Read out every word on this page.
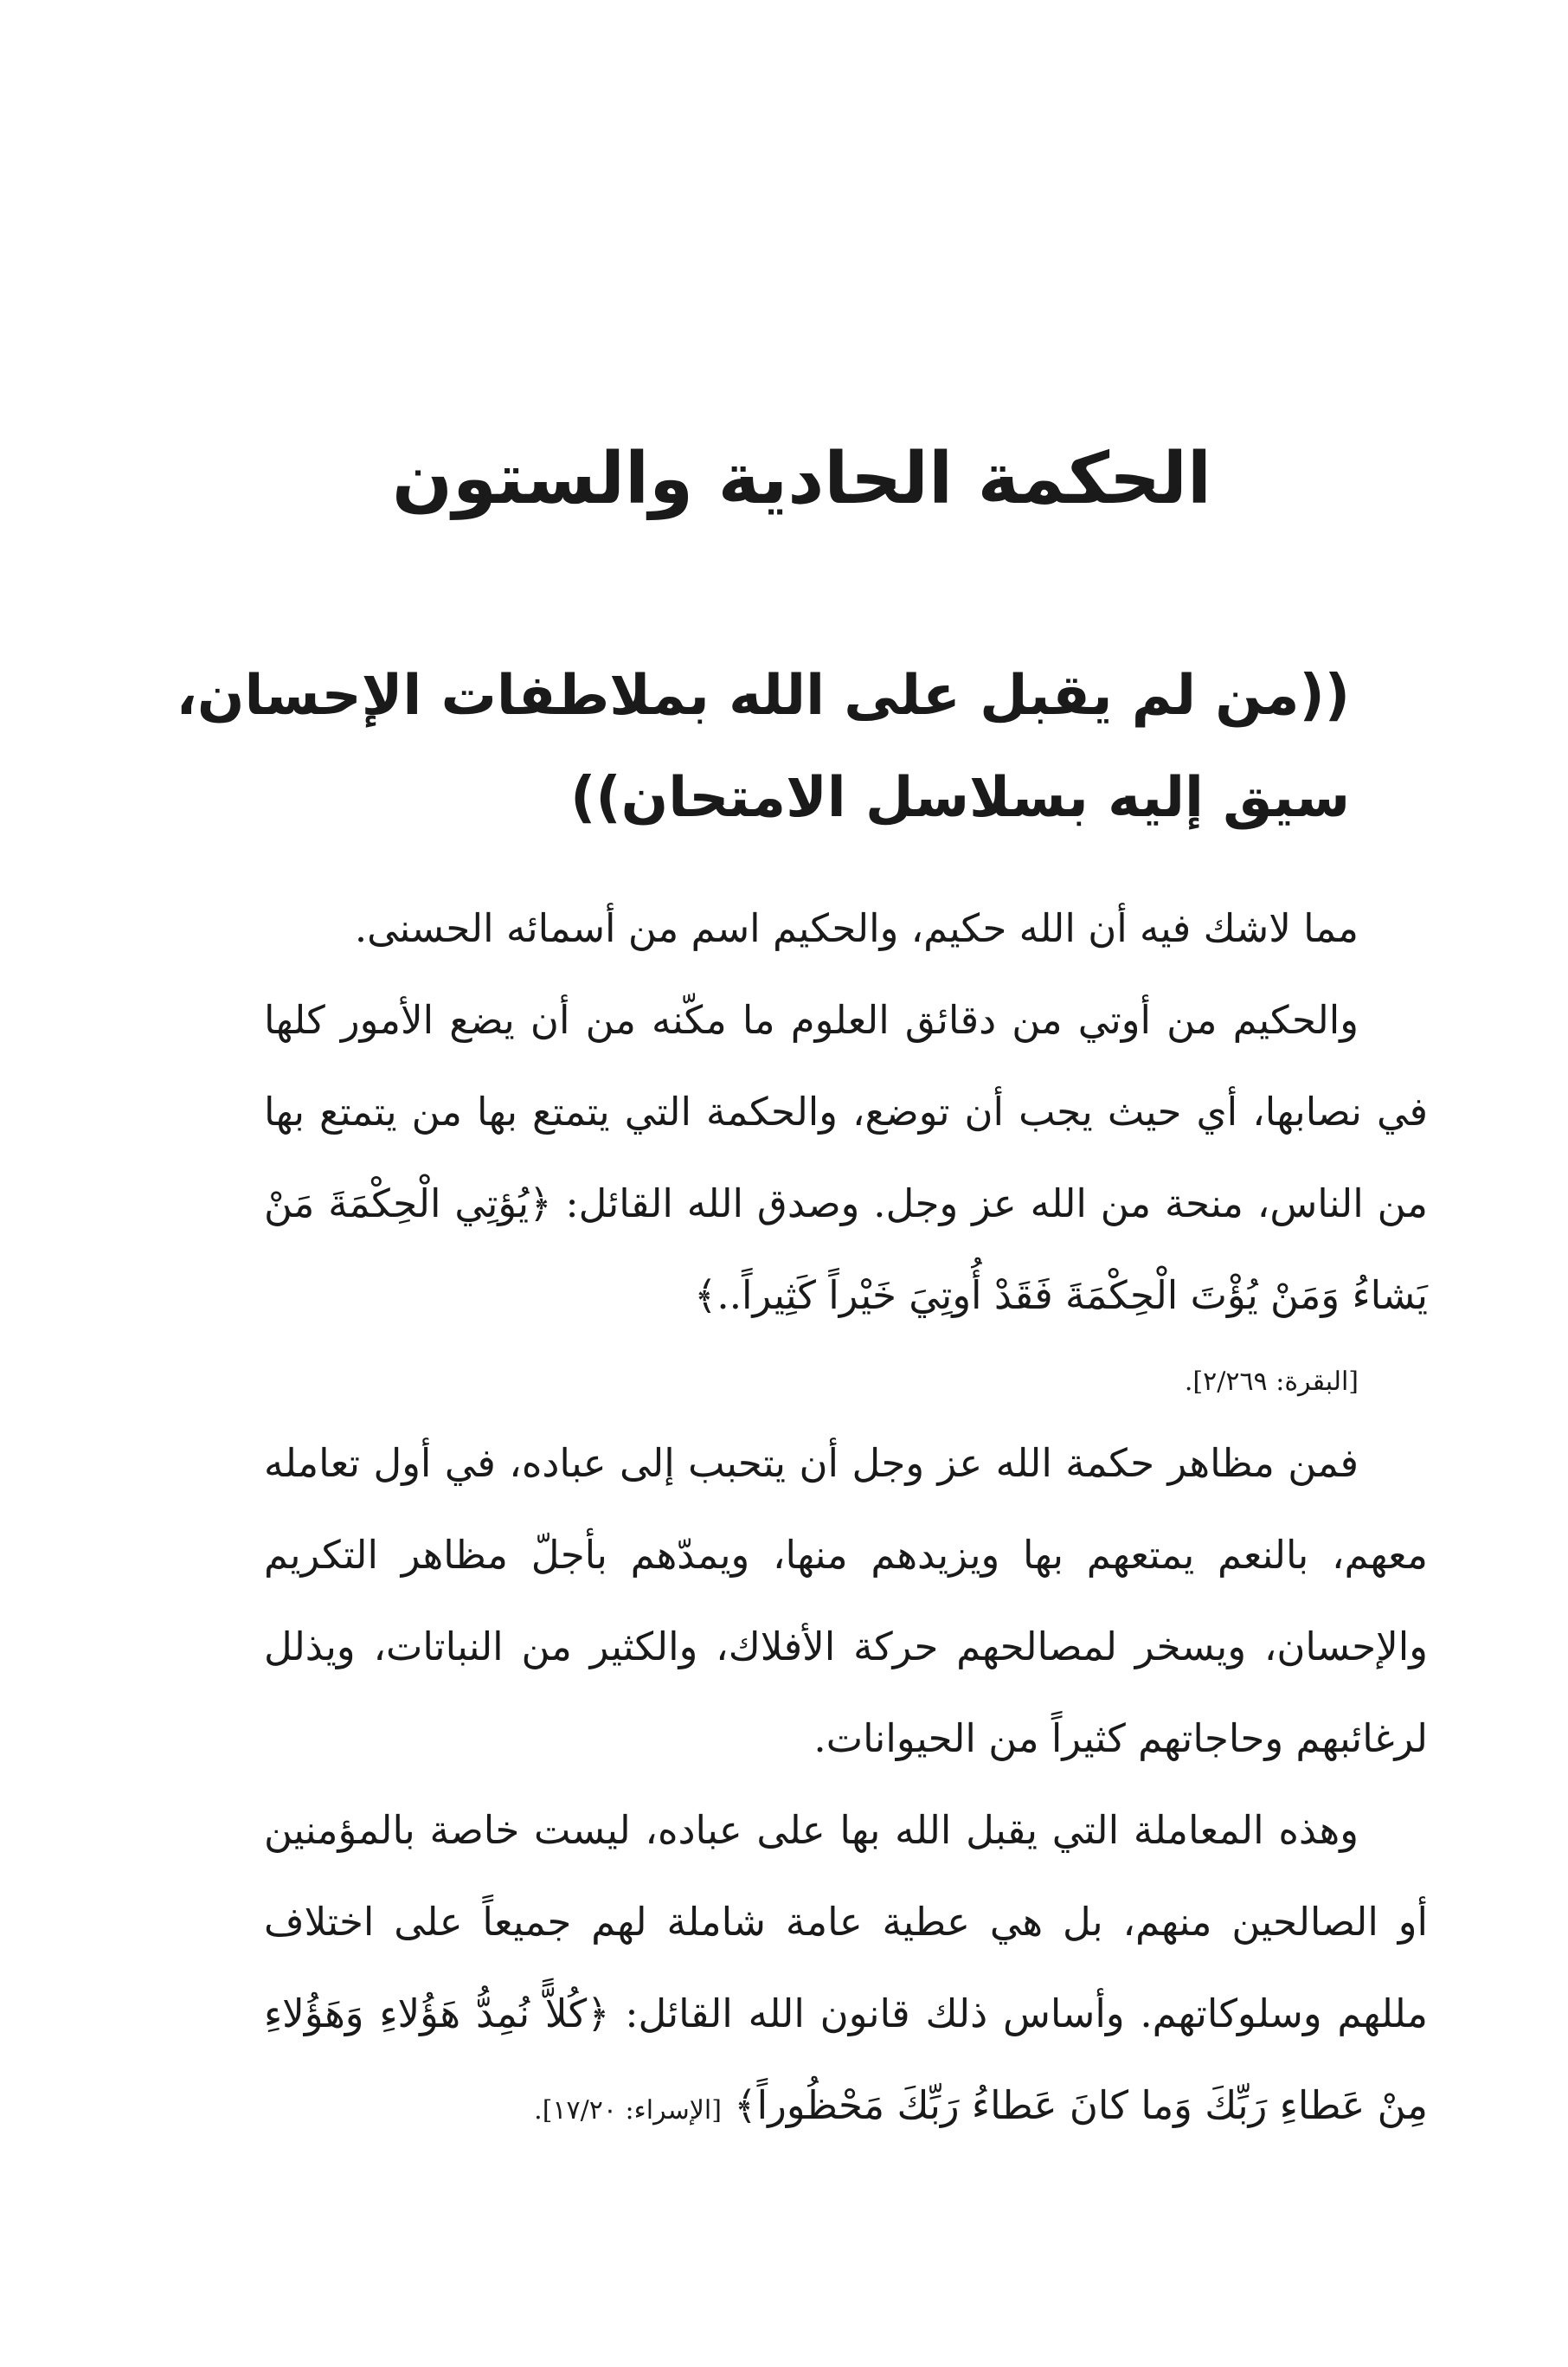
الحكمة الحادية والستون
((من لم يقبل على الله بملاطفات الإحسان،
سيق إليه بسلاسل الامتحان))

مما لاشك فيه أن الله حكيم، والحكيم اسم من أسمائه الحسنى.

والحكيم من أوتي من دقائق العلوم ما مكّنه من أن يضع الأمور كلها في نصابها، أي حيث يجب أن توضع، والحكمة التي يتمتع بها من يتمتع بها من الناس، منحة من الله عز وجل. وصدق الله القائل: ﴿يُؤتِي الْحِكْمَةَ مَنْ يَشاءُ وَمَنْ يُؤْتَ الْحِكْمَةَ فَقَدْ أُوتِيَ خَيْراً كَثِيراً..﴾

[البقرة: ٢/٢٦٩].

فمن مظاهر حكمة الله عز وجل أن يتحبب إلى عباده، في أول تعامله معهم، بالنعم يمتعهم بها ويزيدهم منها، ويمدّهم بأجلّ مظاهر التكريم والإحسان، ويسخر لمصالحهم حركة الأفلاك، والكثير من النباتات، ويذلل لرغائبهم وحاجاتهم كثيراً من الحيوانات.

وهذه المعاملة التي يقبل الله بها على عباده، ليست خاصة بالمؤمنين أو الصالحين منهم، بل هي عطية عامة شاملة لهم جميعاً على اختلاف مللهم وسلوكاتهم. وأساس ذلك قانون الله القائل: ﴿كُلاًّ نُمِدُّ هَؤُلاءِ وَهَؤُلاءِ مِنْ عَطاءِ رَبِّكَ وَما كانَ عَطاءُ رَبِّكَ مَحْظُوراً﴾ [الإسراء: ١٧/٢٠].
